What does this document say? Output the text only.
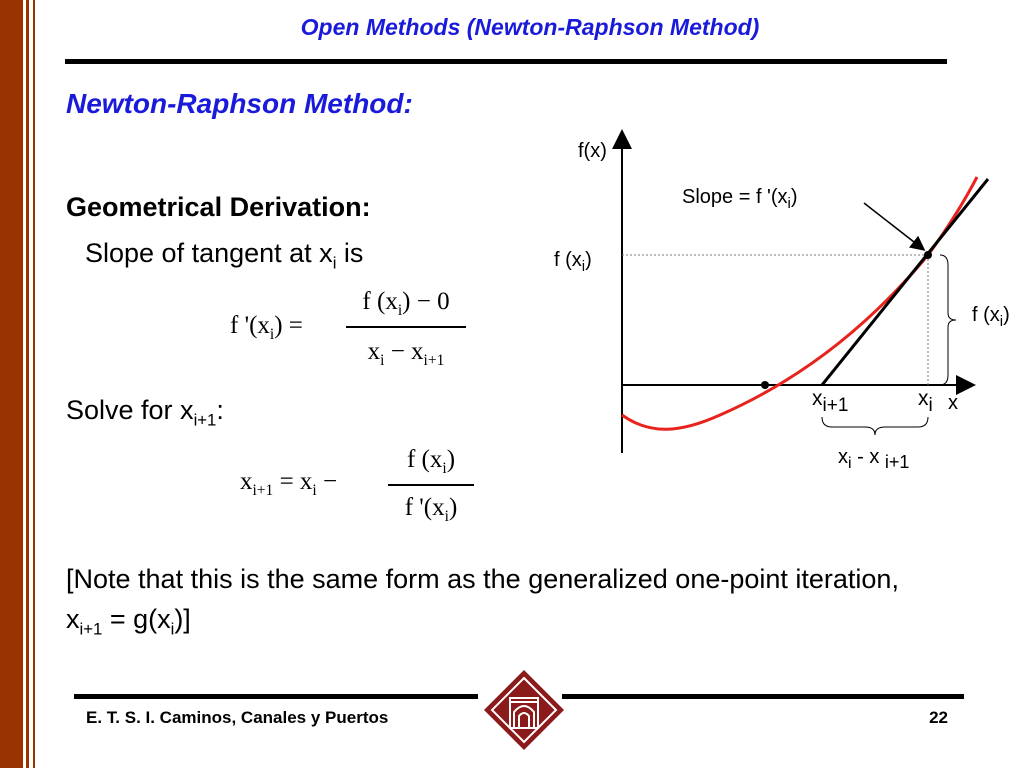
Open Methods (Newton-Raphson Method)
Newton-Raphson Method:
Geometrical Derivation:
Slope of tangent at $x_i$ is
f '$(x_i)$ =
f $(x_i) - 0$
$x_i - x_{i+1}$
Solve for $x_{i+1}$:
$x_{i+1} = x_i$ −
f $(x_i)$
f '$(x_i)$
[Note that this is the same form as the generalized one-point iteration, $x_{i+1} = g(x_i)$]
f(x)
x
Slope = f '$(x_i)$
f $(x_i)$
f $(x_i)$
xi+1	xi
$x_i$ - x i+1
E. T. S. I. Caminos, Canales y Puertos	22
